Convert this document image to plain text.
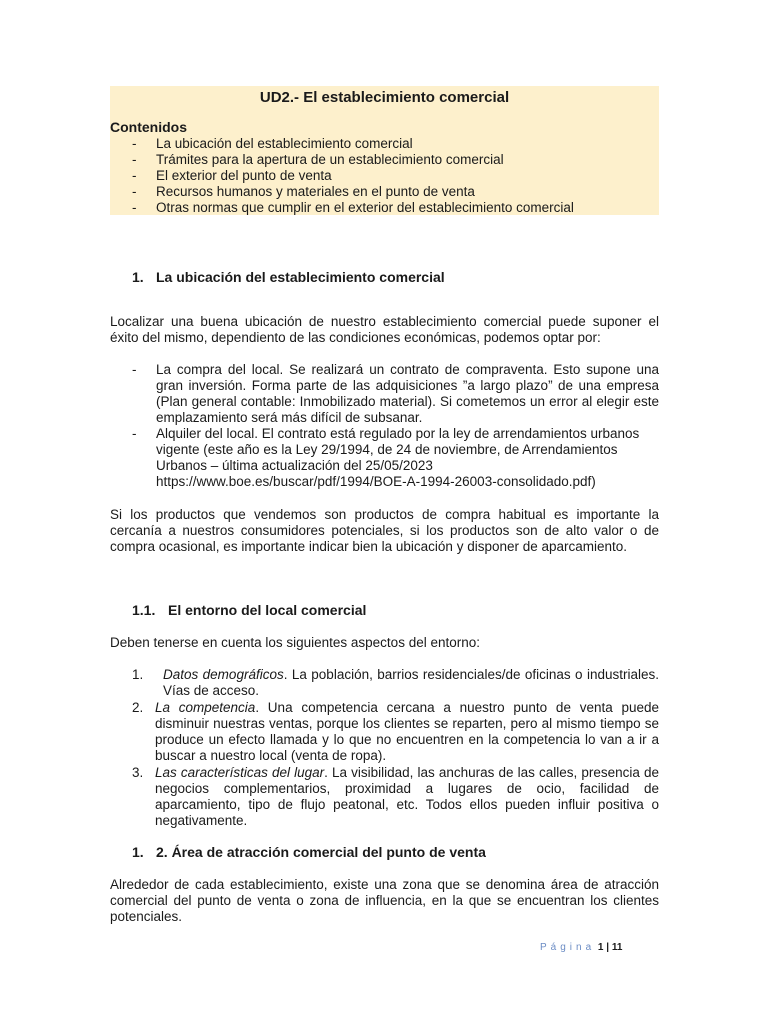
UD2.- El establecimiento comercial
Contenidos
- La ubicación del establecimiento comercial
- Trámites para la apertura de un establecimiento comercial
- El exterior del punto de venta
- Recursos humanos y materiales en el punto de venta
- Otras normas que cumplir en el exterior del establecimiento comercial
1. La ubicación del establecimiento comercial
Localizar una buena ubicación de nuestro establecimiento comercial puede suponer el éxito del mismo, dependiento de las condiciones económicas, podemos optar por:
- La compra del local. Se realizará un contrato de compraventa. Esto supone una gran inversión. Forma parte de las adquisiciones ”a largo plazo” de una empresa (Plan general contable: Inmobilizado material). Si cometemos un error al elegir este emplazamiento será más difícil de subsanar.
- Alquiler del local. El contrato está regulado por la ley de arrendamientos urbanos vigente (este año es la Ley 29/1994, de 24 de noviembre, de Arrendamientos Urbanos – última actualización del 25/05/2023 https://www.boe.es/buscar/pdf/1994/BOE-A-1994-26003-consolidado.pdf)
Si los productos que vendemos son productos de compra habitual es importante la cercanía a nuestros consumidores potenciales, si los productos son de alto valor o de compra ocasional, es importante indicar bien la ubicación y disponer de aparcamiento.
1.1. El entorno del local comercial
Deben tenerse en cuenta los siguientes aspectos del entorno:
1. Datos demográficos. La población, barrios residenciales/de oficinas o industriales. Vías de acceso.
2. La competencia. Una competencia cercana a nuestro punto de venta puede disminuir nuestras ventas, porque los clientes se reparten, pero al mismo tiempo se produce un efecto llamada y lo que no encuentren en la competencia lo van a ir a buscar a nuestro local (venta de ropa).
3. Las características del lugar. La visibilidad, las anchuras de las calles, presencia de negocios complementarios, proximidad a lugares de ocio, facilidad de aparcamiento, tipo de flujo peatonal, etc. Todos ellos pueden influir positiva o negativamente.
1. 2. Área de atracción comercial del punto de venta
Alrededor de cada establecimiento, existe una zona que se denomina área de atracción comercial del punto de venta o zona de influencia, en la que se encuentran los clientes potenciales.
Página 1 | 11
